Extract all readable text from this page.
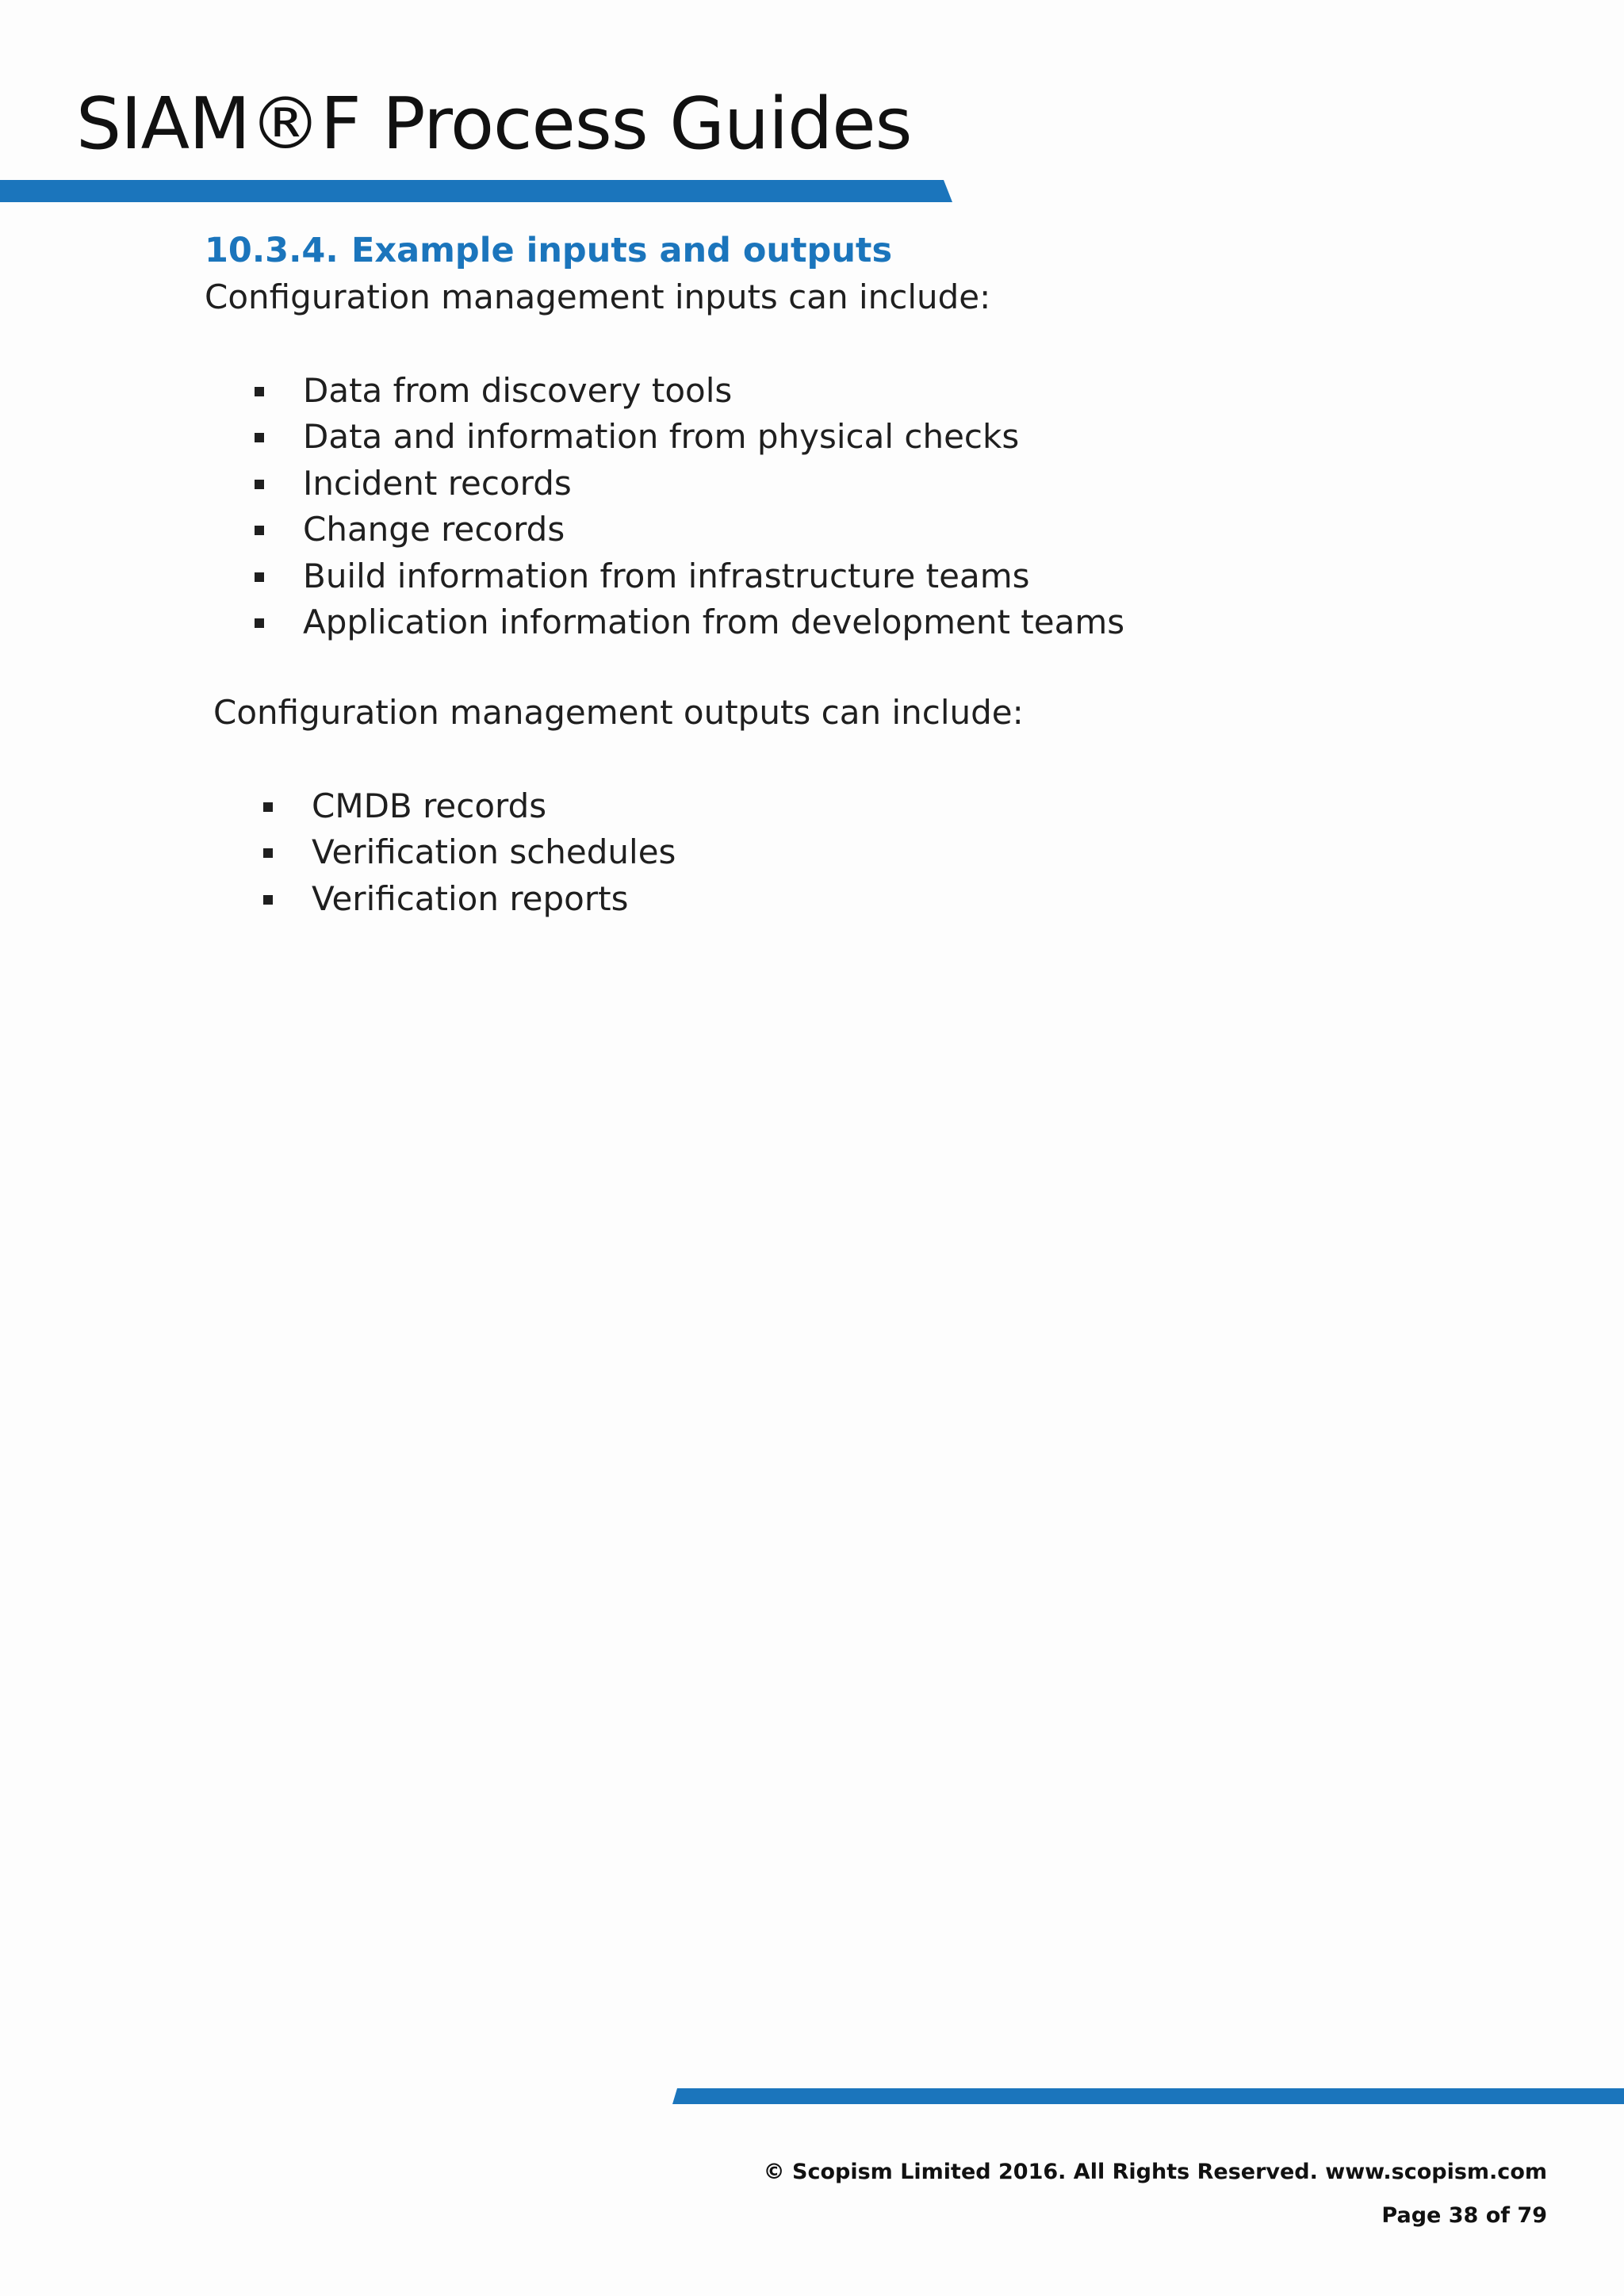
SIAM®F Process Guides
10.3.4. Example inputs and outputs
Configuration management inputs can include:
Data from discovery tools
Data and information from physical checks
Incident records
Change records
Build information from infrastructure teams
Application information from development teams
Configuration management outputs can include:
CMDB records
Verification schedules
Verification reports
© Scopism Limited 2016. All Rights Reserved. www.scopism.com
Page 38 of 79
